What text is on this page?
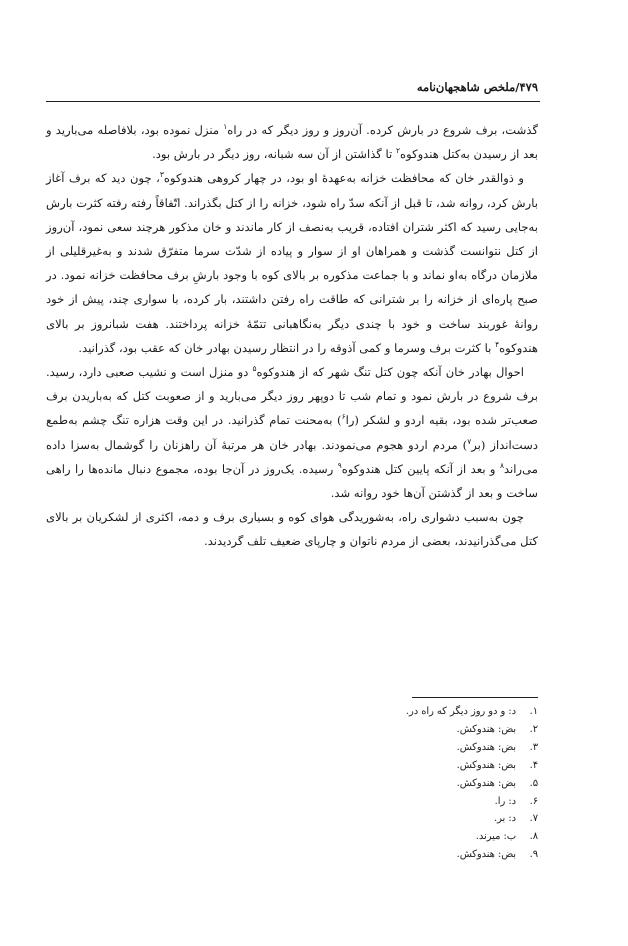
۴۷۹/ملخص شاهجهان‌نامه

گذشت، برف شروع در بارش کرده. آن‌روز و روز دیگر که در راه$^۱$ منزل نموده بود، بلافاصله می‌بارید و بعد از رسیدن به‌کتل هندوکوه$^۲$ تا گذاشتن از آن سه شبانه، روز دیگر در بارش بود.

و ذوالقدر خان که محافظت خزانه به‌عهدهٔ او بود، در چهار کروهی هندوکوه$^۳$، چون دید که برف آغاز بارش کرد، روانه شد، تا قبل از آنکه سدّ راه شود، خزانه را از کتل بگذراند. اتّفاقاً رفته رفته کثرت بارش به‌جایی رسید که اکثر شتران افتاده، قریب به‌نصف از کار ماندند و خان مذکور هرچند سعی نمود، آن‌روز از کتل نتوانست گذشت و همراهان او از سوار و پیاده از شدّت سرما متفرّق شدند و به‌غیرقلیلی از ملازمان درگاه به‌او نماند و با جماعت مذکوره بر بالای کوه با وجود بارشِ برف محافظت خزانه نمود. در صبح پاره‌ای از خزانه را بر شترانی که طاقت راه رفتن داشتند، بار کرده، با سواری چند، پیش از خود روانهٔ غوربند ساخت و خود با چندی دیگر به‌نگاهبانی تتمّهٔ خزانه پرداختند. هفت شبانروز بر بالای هندوکوه$^۴$ با کثرت برف وسرما و کمی آذوقه را در انتظار رسیدن بهادر خان که عقب بود، گذرانید.

احوال بهادر خان آنکه چون کتل تنگ شهر که از هندوکوه$^۵$ دو منزل است و نشیب صعبی دارد، رسید. برف شروع در بارش نمود و تمام شب تا دوپهر روز دیگر می‌بارید و از صعوبت کتل که به‌باریدن برف صعب‌تر شده بود، بقیه اردو و لشکر (را$^۶$) به‌محنت تمام گذرانید. در این وقت هزاره تنگ چشم به‌طمع دست‌انداز (بر$^۷$) مردم اردو هجوم می‌نمودند. بهادر خان هر مرتبهٔ آن راهزنان را گوشمال به‌سزا داده می‌راند$^۸$ و بعد از آنکه پایین کتل هندوکوه$^۹$ رسیده. یک‌روز در آن‌جا بوده، مجموع دنبال مانده‌ها را راهی ساخت و بعد از گذشتن آن‌ها خود روانه شد.

چون به‌سبب دشواری راه، به‌شوریدگی هوای کوه و بسیاری برف و دمه، اکثری از لشکریان بر بالای کتل می‌گذرانیدند، بعضی از مردم ناتوان و چارپای ضعیف تلف گردیدند.

۱.د: و دو روز دیگر که راه در.
۲.بض: هندوکش.
۳.بض: هندوکش.
۴.بض: هندوکش.
۵.بض: هندوکش.
۶.د: را.
۷.د: بر.
۸.ب: میرند.
۹.بض: هندوکش.
